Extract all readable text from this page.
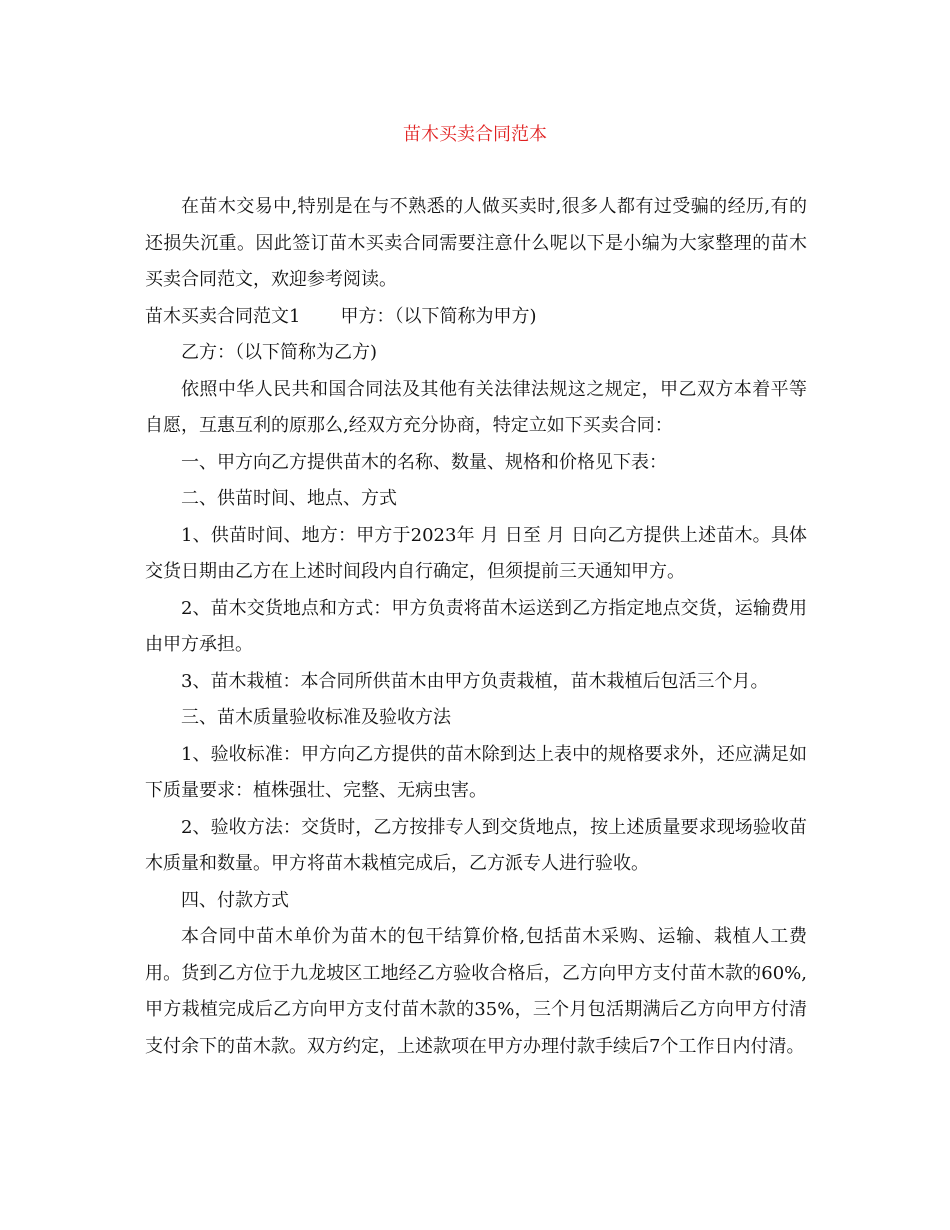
苗木买卖合同范本

在苗木交易中,特别是在与不熟悉的人做买卖时,很多人都有过受骗的经历,有的还损失沉重。因此签订苗木买卖合同需要注意什么呢以下是小编为大家整理的苗木买卖合同范文，欢迎参考阅读。

苗木买卖合同范文1 甲方：（以下简称为甲方)

乙方：（以下简称为乙方)

依照中华人民共和国合同法及其他有关法律法规这之规定，甲乙双方本着平等自愿，互惠互利的原那么,经双方充分协商，特定立如下买卖合同：

一、甲方向乙方提供苗木的名称、数量、规格和价格见下表：

二、供苗时间、地点、方式

1、供苗时间、地方：甲方于2023年 月 日至 月 日向乙方提供上述苗木。具体交货日期由乙方在上述时间段内自行确定，但须提前三天通知甲方。

2、苗木交货地点和方式：甲方负责将苗木运送到乙方指定地点交货，运输费用由甲方承担。

3、苗木栽植：本合同所供苗木由甲方负责栽植，苗木栽植后包活三个月。

三、苗木质量验收标准及验收方法

1、验收标准：甲方向乙方提供的苗木除到达上表中的规格要求外，还应满足如下质量要求：植株强壮、完整、无病虫害。

2、验收方法：交货时，乙方按排专人到交货地点，按上述质量要求现场验收苗木质量和数量。甲方将苗木栽植完成后，乙方派专人进行验收。

四、付款方式

本合同中苗木单价为苗木的包干结算价格,包括苗木采购、运输、栽植人工费用。货到乙方位于九龙坡区工地经乙方验收合格后，乙方向甲方支付苗木款的60%,甲方栽植完成后乙方向甲方支付苗木款的35%，三个月包活期满后乙方向甲方付清支付余下的苗木款。双方约定，上述款项在甲方办理付款手续后7个工作日内付清。
